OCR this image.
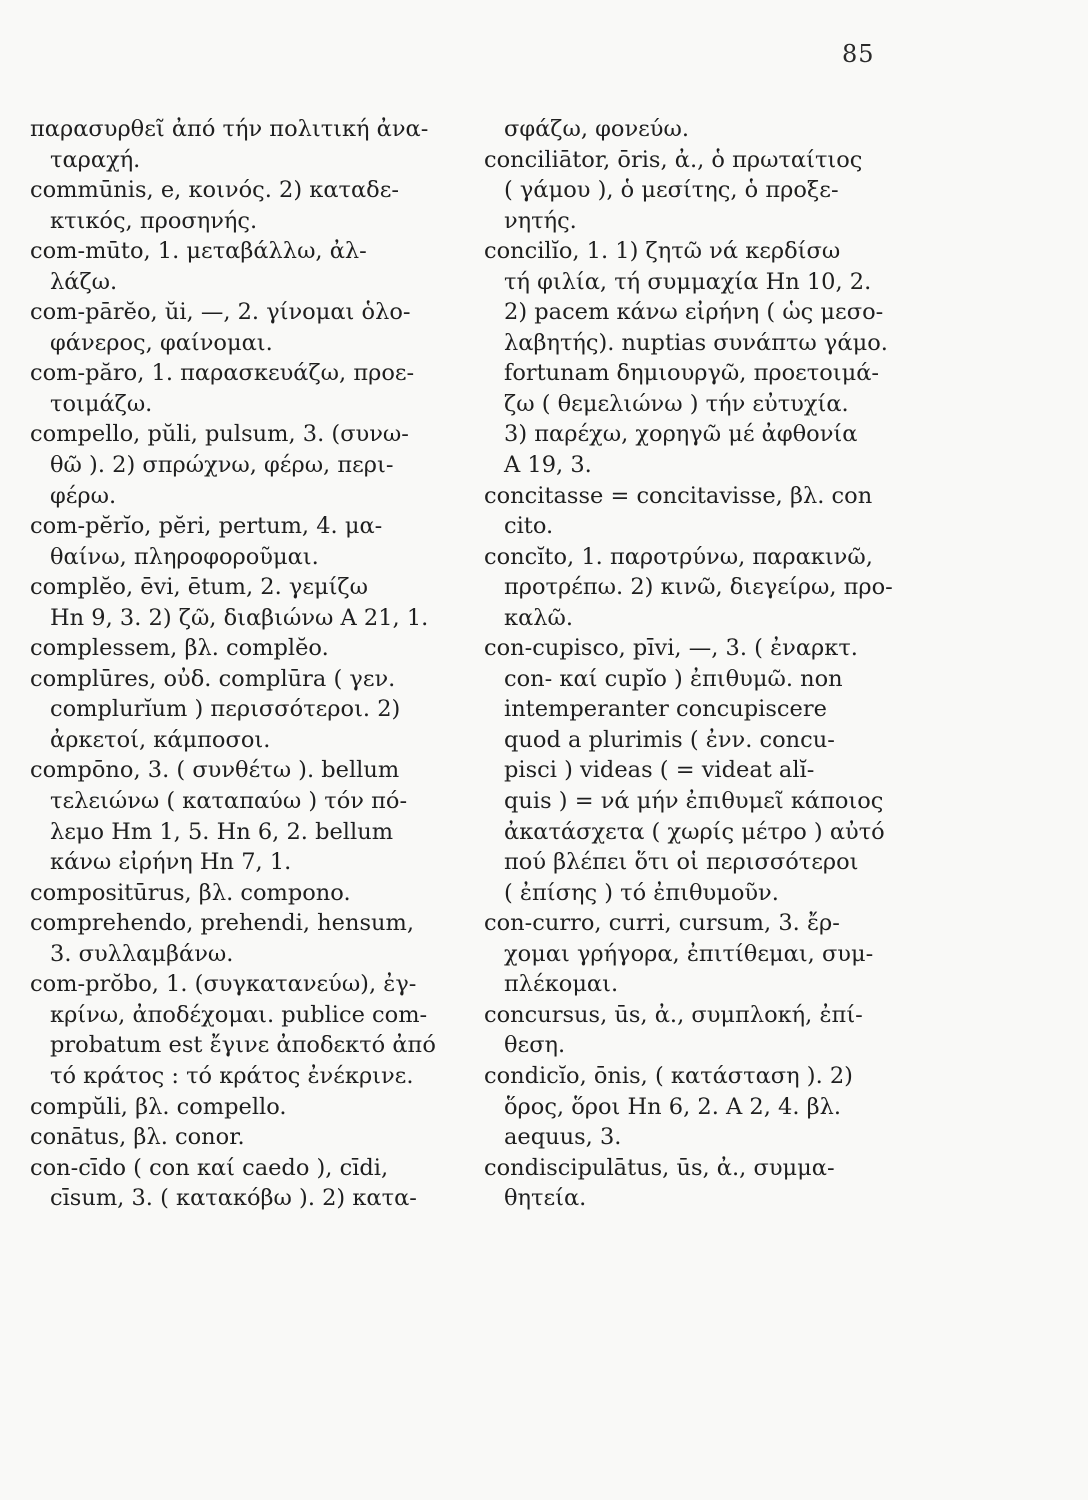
85
παρασυρθεῖ ἀπό τήν πολιτική ἀνα-
ταραχή.
commūnis, e, κοινός. 2) καταδε-
κτικός, προσηνής.
com-mūto, 1. μεταβάλλω, ἀλ-
λάζω.
com-pārĕo, ŭi, —, 2. γίνομαι ὁλο-
φάνερος, φαίνομαι.
com-păro, 1. παρασκευάζω, προε-
τοιμάζω.
compello, pŭli, pulsum, 3. (συνω-
θῶ ). 2) σπρώχνω, φέρω, περι-
φέρω.
com-pĕrĭo, pĕri, pertum, 4. μα-
θαίνω, πληροφοροῦμαι.
complĕo, ēvi, ētum, 2. γεμίζω
Hn 9, 3. 2) ζῶ, διαβιώνω A 21, 1.
complessem, βλ. complĕo.
complūres, οὐδ. complūra ( γεν.
complurĭum ) περισσότεροι. 2)
ἀρκετοί, κάμποσοι.
compōno, 3. ( συνθέτω ). bellum
τελειώνω ( καταπαύω ) τόν πό-
λεμο Hm 1, 5. Hn 6, 2. bellum
κάνω εἰρήνη Hn 7, 1.
compositūrus, βλ. compono.
comprehendo, prehendi, hensum,
3. συλλαμβάνω.
com-prŏbo, 1. (συγκατανεύω), ἐγ-
κρίνω, ἀποδέχομαι. publice com-
probatum est ἔγινε ἀποδεκτό ἀπό
τό κράτος : τό κράτος ἐνέκρινε.
compŭli, βλ. compello.
conātus, βλ. conor.
con-cīdo ( con καί caedo ), cīdi,
cīsum, 3. ( κατακόβω ). 2) κατα-
σφάζω, φονεύω.
conciliātor, ōris, ἀ., ὁ πρωταίτιος
( γάμου ), ὁ μεσίτης, ὁ προξε-
νητής.
concilĭo, 1. 1) ζητῶ νά κερδίσω
τή φιλία, τή συμμαχία Hn 10, 2.
2) pacem κάνω εἰρήνη ( ὡς μεσο-
λαβητής). nuptias συνάπτω γάμο.
fortunam δημιουργῶ, προετοιμά-
ζω ( θεμελιώνω ) τήν εὐτυχία.
3) παρέχω, χορηγῶ μέ ἀφθονία
A 19, 3.
concitasse = concitavisse, βλ. con
cito.
concĭto, 1. παροτρύνω, παρακινῶ,
προτρέπω. 2) κινῶ, διεγείρω, προ-
καλῶ.
con-cupisco, pīvi, —, 3. ( ἐναρκτ.
con- καί cupĭo ) ἐπιθυμῶ. non
intemperanter concupiscere
quod a plurimis ( ἐνν. concu-
pisci ) videas ( = videat alĭ-
quis ) = νά μήν ἐπιθυμεῖ κάποιος
ἀκατάσχετα ( χωρίς μέτρο ) αὐτό
πού βλέπει ὅτι οἱ περισσότεροι
( ἐπίσης ) τό ἐπιθυμοῦν.
con-curro, curri, cursum, 3. ἔρ-
χομαι γρήγορα, ἐπιτίθεμαι, συμ-
πλέκομαι.
concursus, ūs, ἀ., συμπλοκή, ἐπί-
θεση.
condicĭo, ōnis, ( κατάσταση ). 2)
ὅρος, ὅροι Hn 6, 2. A 2, 4. βλ.
aequus, 3.
condiscipulātus, ūs, ἀ., συμμα-
θητεία.
